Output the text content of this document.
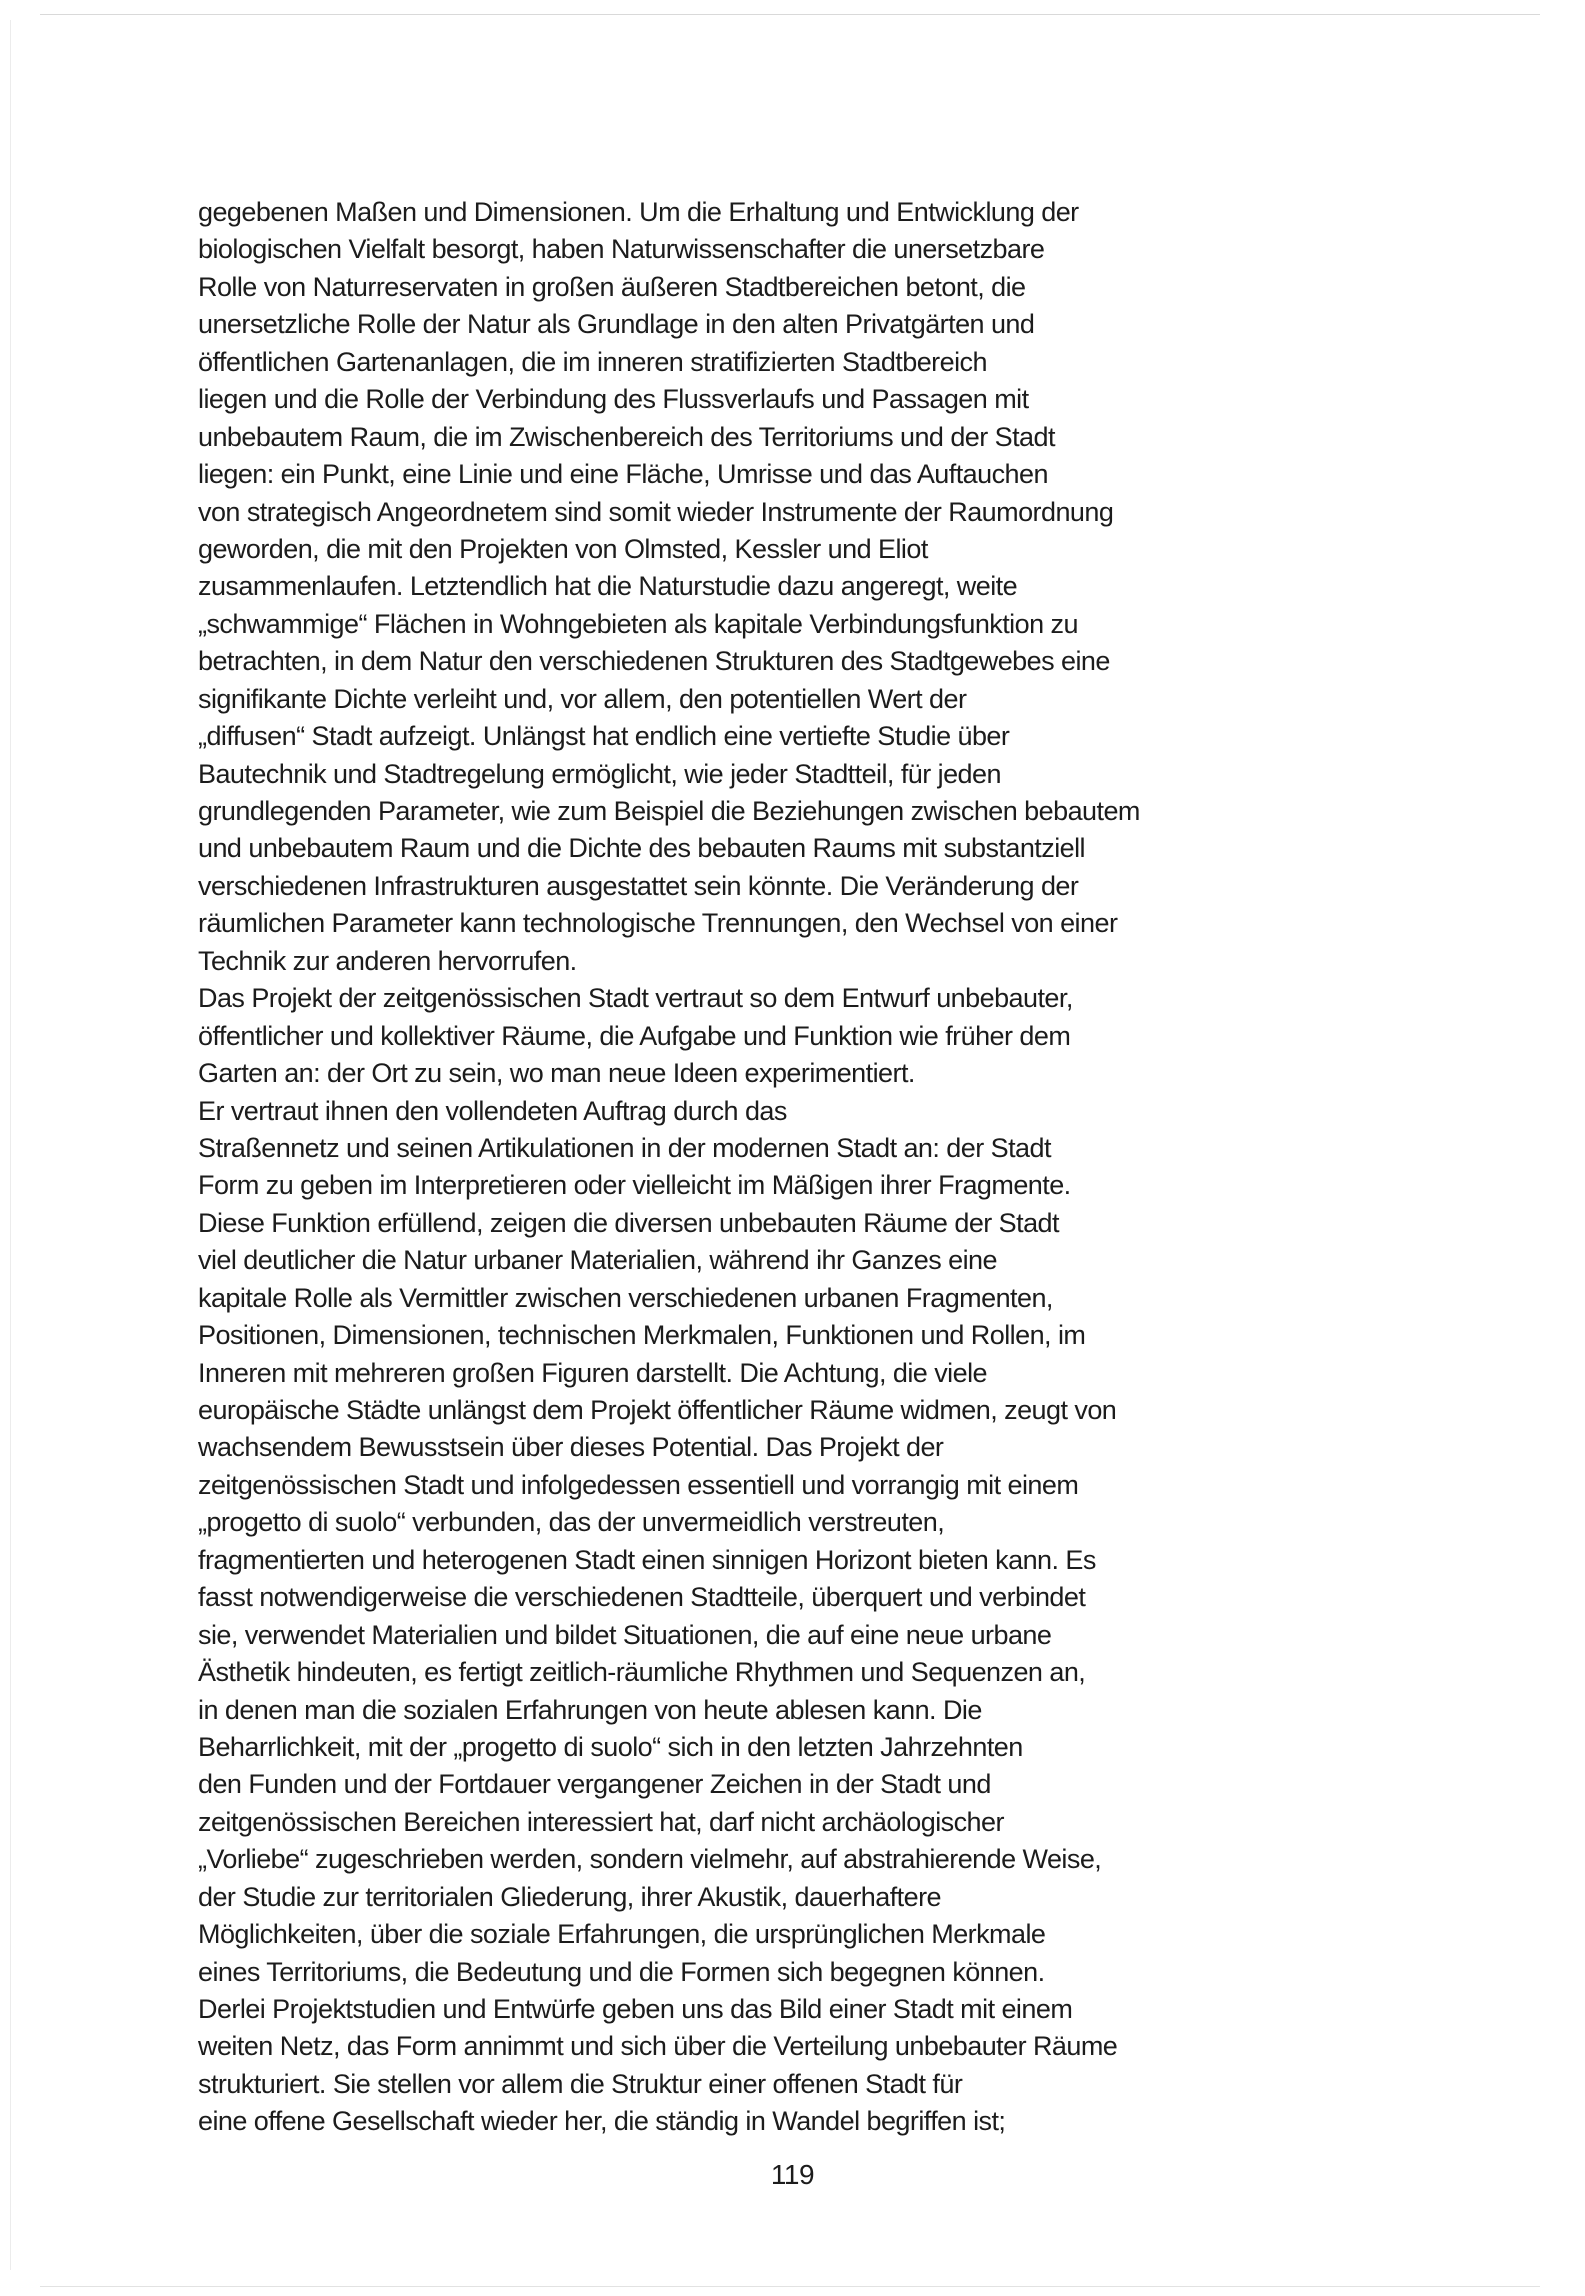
gegebenen Maßen und Dimensionen. Um die Erhaltung und Entwicklung der
biologischen Vielfalt besorgt, haben Naturwissenschafter die unersetzbare
Rolle von Naturreservaten in großen äußeren Stadtbereichen betont, die
unersetzliche Rolle der Natur als Grundlage in den alten Privatgärten und
öffentlichen Gartenanlagen, die im inneren stratifizierten Stadtbereich
liegen und die Rolle der Verbindung des Flussverlaufs und Passagen mit
unbebautem Raum, die im Zwischenbereich des Territoriums und der Stadt
liegen: ein Punkt, eine Linie und eine Fläche, Umrisse und das Auftauchen
von strategisch Angeordnetem sind somit wieder Instrumente der Raumordnung
geworden, die mit den Projekten von Olmsted, Kessler und Eliot
zusammenlaufen. Letztendlich hat die Naturstudie dazu angeregt, weite
„schwammige“ Flächen in Wohngebieten als kapitale Verbindungsfunktion zu
betrachten, in dem Natur den verschiedenen Strukturen des Stadtgewebes eine
signifikante Dichte verleiht und, vor allem, den potentiellen Wert der
„diffusen“ Stadt aufzeigt. Unlängst hat endlich eine vertiefte Studie über
Bautechnik und Stadtregelung ermöglicht, wie jeder Stadtteil, für jeden
grundlegenden Parameter, wie zum Beispiel die Beziehungen zwischen bebautem
und unbebautem Raum und die Dichte des bebauten Raums mit substantziell
verschiedenen Infrastrukturen ausgestattet sein könnte. Die Veränderung der
räumlichen Parameter kann technologische Trennungen, den Wechsel von einer
Technik zur anderen hervorrufen.
Das Projekt der zeitgenössischen Stadt vertraut so dem Entwurf unbebauter,
öffentlicher und kollektiver Räume, die Aufgabe und Funktion wie früher dem
Garten an: der Ort zu sein, wo man neue Ideen experimentiert.
Er vertraut ihnen den vollendeten Auftrag durch das
Straßennetz und seinen Artikulationen in der modernen Stadt an: der Stadt
Form zu geben im Interpretieren oder vielleicht im Mäßigen ihrer Fragmente.
Diese Funktion erfüllend, zeigen die diversen unbebauten Räume der Stadt
viel deutlicher die Natur urbaner Materialien, während ihr Ganzes eine
kapitale Rolle als Vermittler zwischen verschiedenen urbanen Fragmenten,
Positionen, Dimensionen, technischen Merkmalen, Funktionen und Rollen, im
Inneren mit mehreren großen Figuren darstellt. Die Achtung, die viele
europäische Städte unlängst dem Projekt öffentlicher Räume widmen, zeugt von
wachsendem Bewusstsein über dieses Potential. Das Projekt der
zeitgenössischen Stadt und infolgedessen essentiell und vorrangig mit einem
„progetto di suolo“ verbunden, das der unvermeidlich verstreuten,
fragmentierten und heterogenen Stadt einen sinnigen Horizont bieten kann. Es
fasst notwendigerweise die verschiedenen Stadtteile, überquert und verbindet
sie, verwendet Materialien und bildet Situationen, die auf eine neue urbane
Ästhetik hindeuten, es fertigt zeitlich-räumliche Rhythmen und Sequenzen an,
in denen man die sozialen Erfahrungen von heute ablesen kann. Die
Beharrlichkeit, mit der „progetto di suolo“ sich in den letzten Jahrzehnten
den Funden und der Fortdauer vergangener Zeichen in der Stadt und
zeitgenössischen Bereichen interessiert hat, darf nicht archäologischer
„Vorliebe“ zugeschrieben werden, sondern vielmehr, auf abstrahierende Weise,
der Studie zur territorialen Gliederung, ihrer Akustik, dauerhaftere
Möglichkeiten, über die soziale Erfahrungen, die ursprünglichen Merkmale
eines Territoriums, die Bedeutung und die Formen sich begegnen können.
Derlei Projektstudien und Entwürfe geben uns das Bild einer Stadt mit einem
weiten Netz, das Form annimmt und sich über die Verteilung unbebauter Räume
strukturiert. Sie stellen vor allem die Struktur einer offenen Stadt für
eine offene Gesellschaft wieder her, die ständig in Wandel begriffen ist;
119
